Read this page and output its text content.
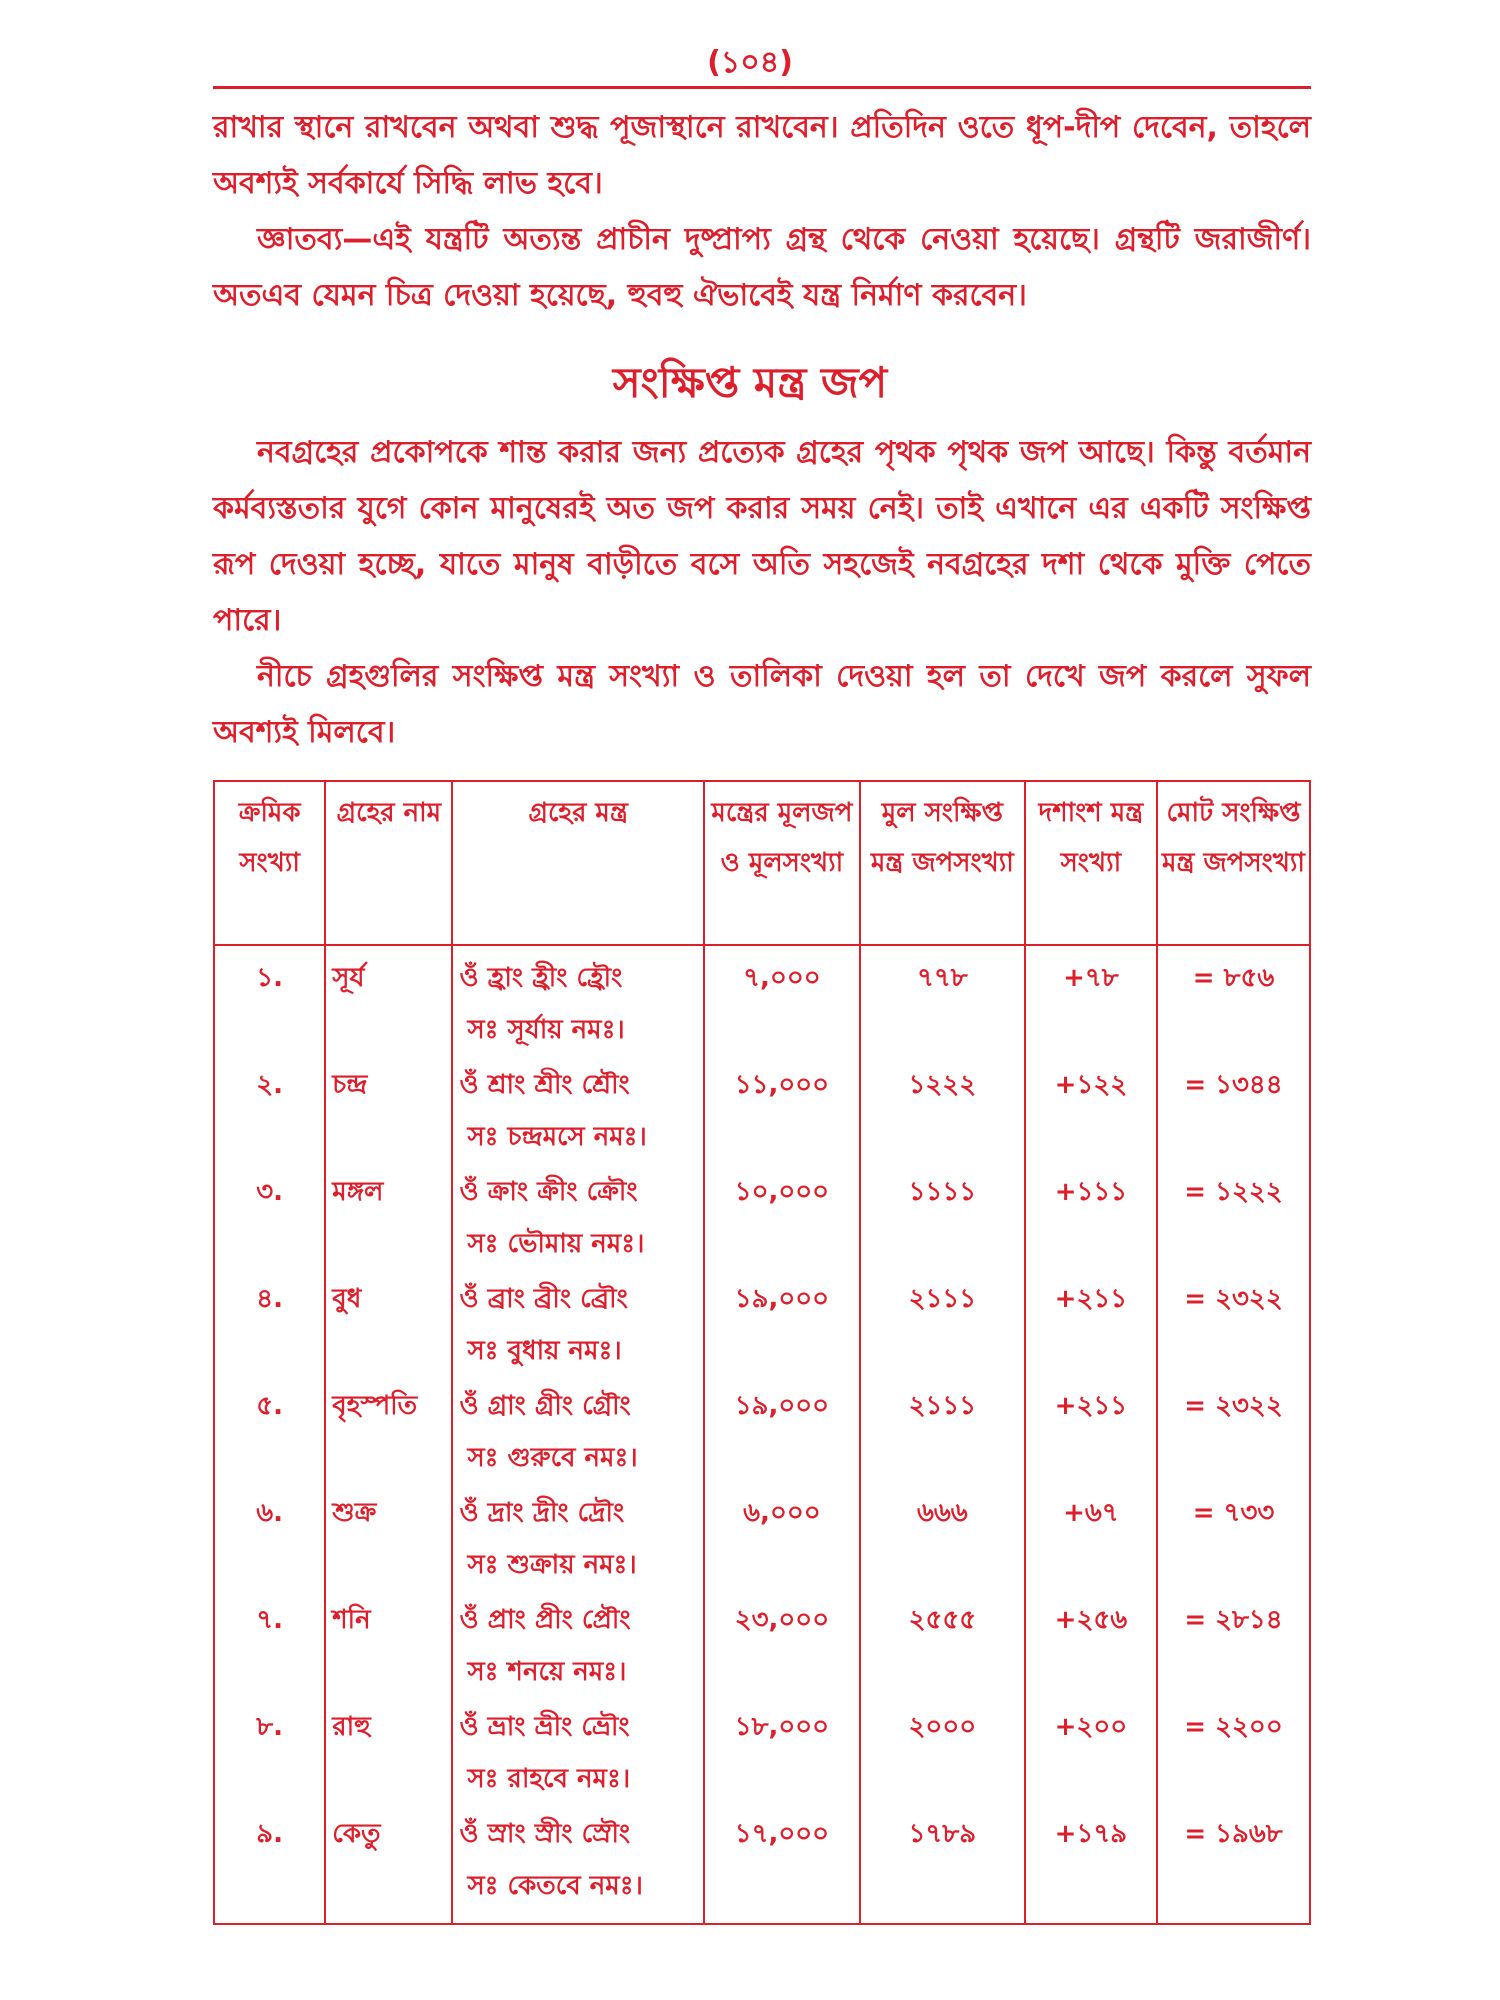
(১০৪)

রাখার স্থানে রাখবেন অথবা শুদ্ধ পূজাস্থানে রাখবেন। প্রতিদিন ওতে ধূপ-দীপ দেবেন, তাহলে অবশ্যই সর্বকার্যে সিদ্ধি লাভ হবে।

জ্ঞাতব্য—এই যন্ত্রটি অত্যন্ত প্রাচীন দুষ্প্রাপ্য গ্রন্থ থেকে নেওয়া হয়েছে। গ্রন্থটি জরাজীর্ণ। অতএব যেমন চিত্র দেওয়া হয়েছে, হুবহু ঐভাবেই যন্ত্র নির্মাণ করবেন।

সংক্ষিপ্ত মন্ত্র জপ

নবগ্রহের প্রকোপকে শান্ত করার জন্য প্রত্যেক গ্রহের পৃথক পৃথক জপ আছে। কিন্তু বর্তমান কর্মব্যস্ততার যুগে কোন মানুষেরই অত জপ করার সময় নেই। তাই এখানে এর একটি সংক্ষিপ্ত রূপ দেওয়া হচ্ছে, যাতে মানুষ বাড়ীতে বসে অতি সহজেই নবগ্রহের দশা থেকে মুক্তি পেতে পারে।

নীচে গ্রহগুলির সংক্ষিপ্ত মন্ত্র সংখ্যা ও তালিকা দেওয়া হল তা দেখে জপ করলে সুফল অবশ্যই মিলবে।

ক্রমিক সংখ্যা	গ্রহের নাম	গ্রহের মন্ত্র	মন্ত্রের মূলজপ ও মূলসংখ্যা	মুল সংক্ষিপ্ত মন্ত্র জপসংখ্যা	দশাংশ মন্ত্র সংখ্যা	মোট সংক্ষিপ্ত মন্ত্র জপসংখ্যা
১.	সূর্য	ওঁ হ্রাং হ্রীং হ্রৌং
সঃ সূর্যায় নমঃ।	৭,০০০	৭৭৮	+৭৮	= ৮৫৬
২.	চন্দ্র	ওঁ শ্রাং শ্রীং শ্রৌং
সঃ চন্দ্রমসে নমঃ।	১১,০০০	১২২২	+১২২	= ১৩৪৪
৩.	মঙ্গল	ওঁ ক্রাং ক্রীং ক্রৌং
সঃ ভৌমায় নমঃ।	১০,০০০	১১১১	+১১১	= ১২২২
৪.	বুধ	ওঁ ব্রাং ব্রীং ব্রৌং
সঃ বুধায় নমঃ।	১৯,০০০	২১১১	+২১১	= ২৩২২
৫.	বৃহস্পতি	ওঁ গ্রাং গ্রীং গ্রৌং
সঃ গুরুবে নমঃ।	১৯,০০০	২১১১	+২১১	= ২৩২২
৬.	শুক্র	ওঁ দ্রাং দ্রীং দ্রৌং
সঃ শুক্রায় নমঃ।	৬,০০০	৬৬৬	+৬৭	= ৭৩৩
৭.	শনি	ওঁ প্রাং প্রীং প্রৌং
সঃ শনয়ে নমঃ।	২৩,০০০	২৫৫৫	+২৫৬	= ২৮১৪
৮.	রাহু	ওঁ ভ্রাং ভ্রীং ভ্রৌং
সঃ রাহবে নমঃ।	১৮,০০০	২০০০	+২০০	= ২২০০
৯.	কেতু	ওঁ স্রাং স্রীং স্রৌং
সঃ কেতবে নমঃ।	১৭,০০০	১৭৮৯	+১৭৯	= ১৯৬৮
